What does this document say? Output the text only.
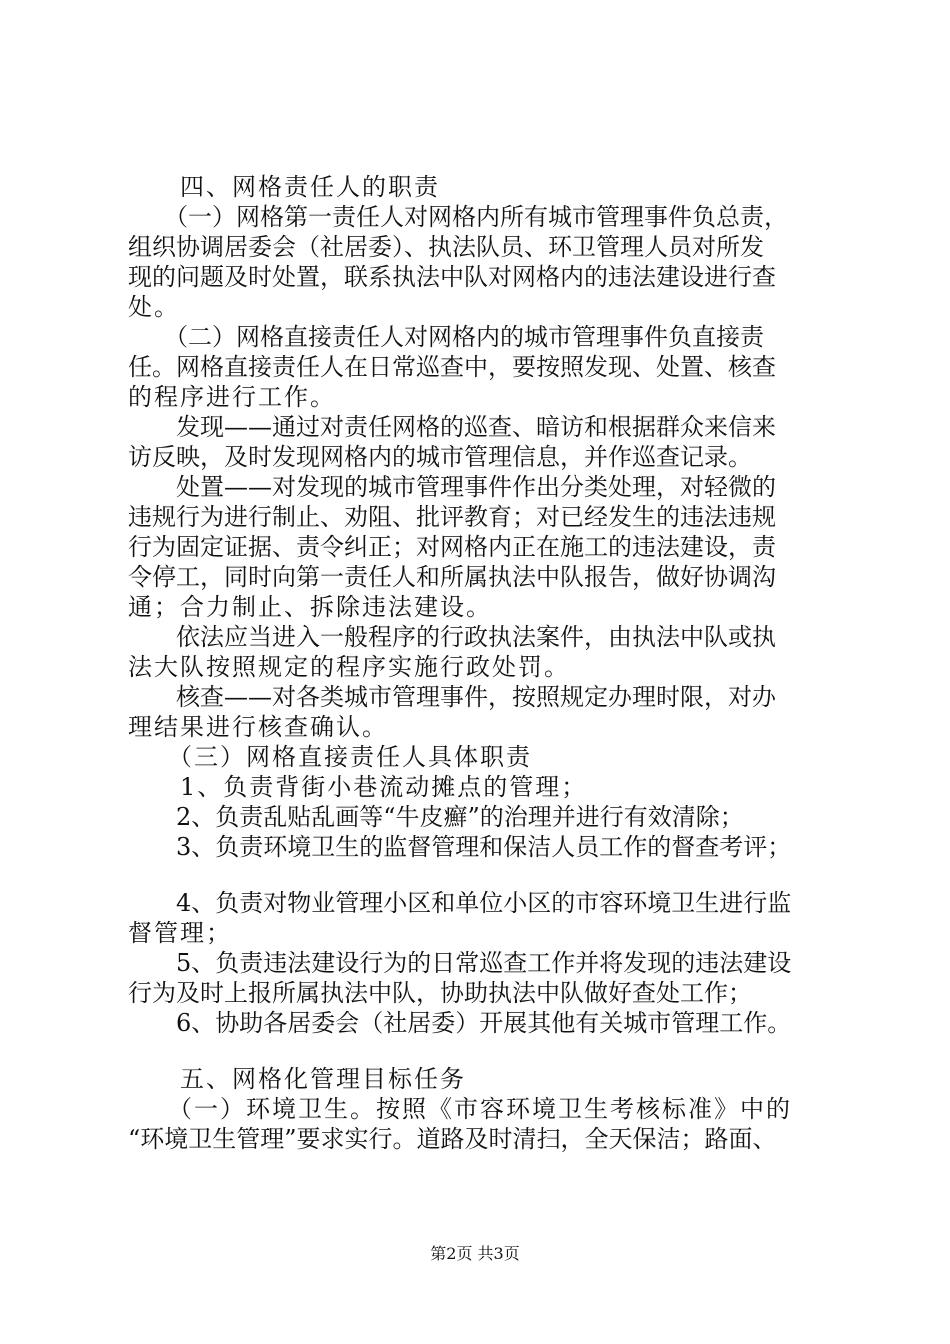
　　四、网格责任人的职责
　　（一）网格第一责任人对网格内所有城市管理事件负总责，
组织协调居委会（社居委）、执法队员、环卫管理人员对所发
现的问题及时处置，联系执法中队对网格内的违法建设进行查
处。
　　（二）网格直接责任人对网格内的城市管理事件负直接责
任。网格直接责任人在日常巡查中，要按照发现、处置、核查
的程序进行工作。
　　发现——通过对责任网格的巡查、暗访和根据群众来信来
访反映，及时发现网格内的城市管理信息，并作巡查记录。
　　处置——对发现的城市管理事件作出分类处理，对轻微的
违规行为进行制止、劝阻、批评教育；对已经发生的违法违规
行为固定证据、责令纠正；对网格内正在施工的违法建设，责
令停工，同时向第一责任人和所属执法中队报告，做好协调沟
通；合力制止、拆除违法建设。
　　依法应当进入一般程序的行政执法案件，由执法中队或执
法大队按照规定的程序实施行政处罚。
　　核查——对各类城市管理事件，按照规定办理时限，对办
理结果进行核查确认。
　　（三）网格直接责任人具体职责
　　1、负责背街小巷流动摊点的管理；
　　2、负责乱贴乱画等“牛皮癬”的治理并进行有效清除；
　　3、负责环境卫生的监督管理和保洁人员工作的督查考评；
　　4、负责对物业管理小区和单位小区的市容环境卫生进行监
督管理；
　　5、负责违法建设行为的日常巡查工作并将发现的违法建设
行为及时上报所属执法中队，协助执法中队做好查处工作；
　　6、协助各居委会（社居委）开展其他有关城市管理工作。
　　五、网格化管理目标任务
　　（一）环境卫生。按照《市容环境卫生考核标准》中的
“环境卫生管理”要求实行。道路及时清扫，全天保洁；路面、
第2页 共3页
